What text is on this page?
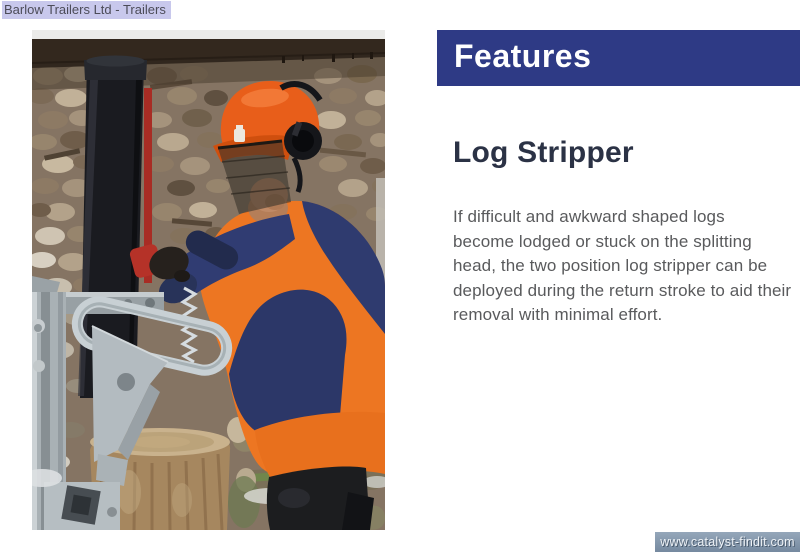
Barlow Trailers Ltd - Trailers
Features
Log Stripper
If difficult and awkward shaped logs
become lodged or stuck on the splitting
head, the two position log stripper can be
deployed during the return stroke to aid their
removal with minimal effort.
www.catalyst-findit.com
